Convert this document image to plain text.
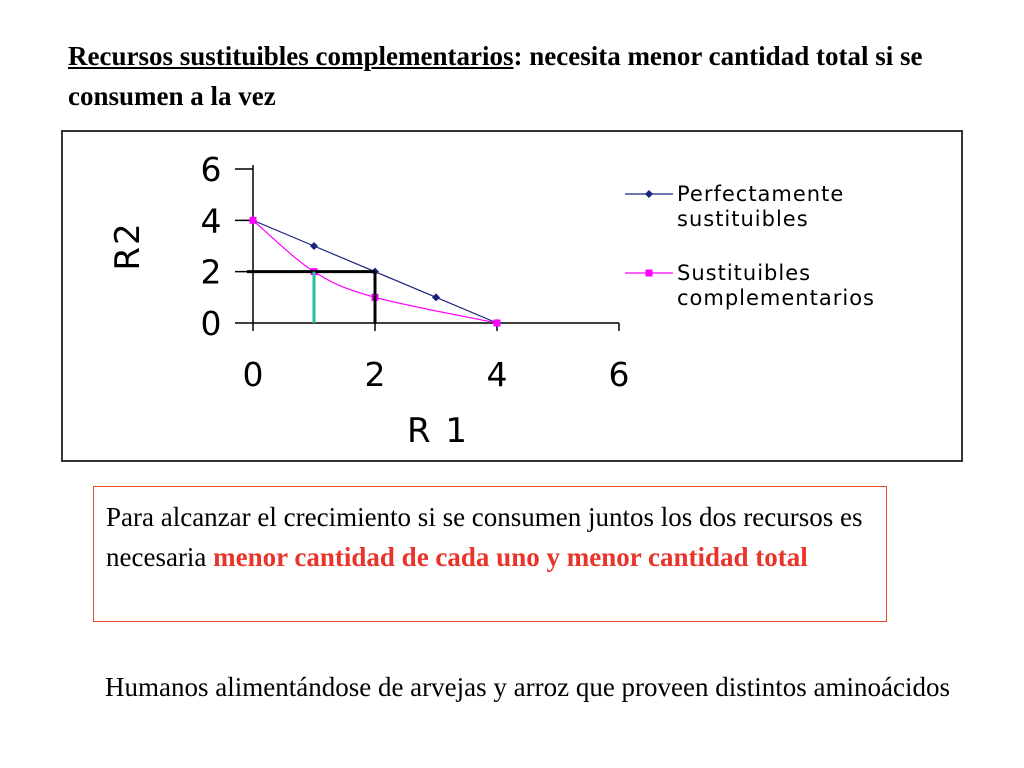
Recursos sustituibles complementarios: necesita menor cantidad total si se consumen a la vez
0
2
4
6
0	2	4	6
R 1
R2
Perfectamente
sustituibles
Sustituibles
complementarios
Para alcanzar el crecimiento si se consumen juntos los dos recursos es necesaria menor cantidad de cada uno y menor cantidad total
Humanos alimentándose de arvejas y arroz que proveen distintos aminoácidos
